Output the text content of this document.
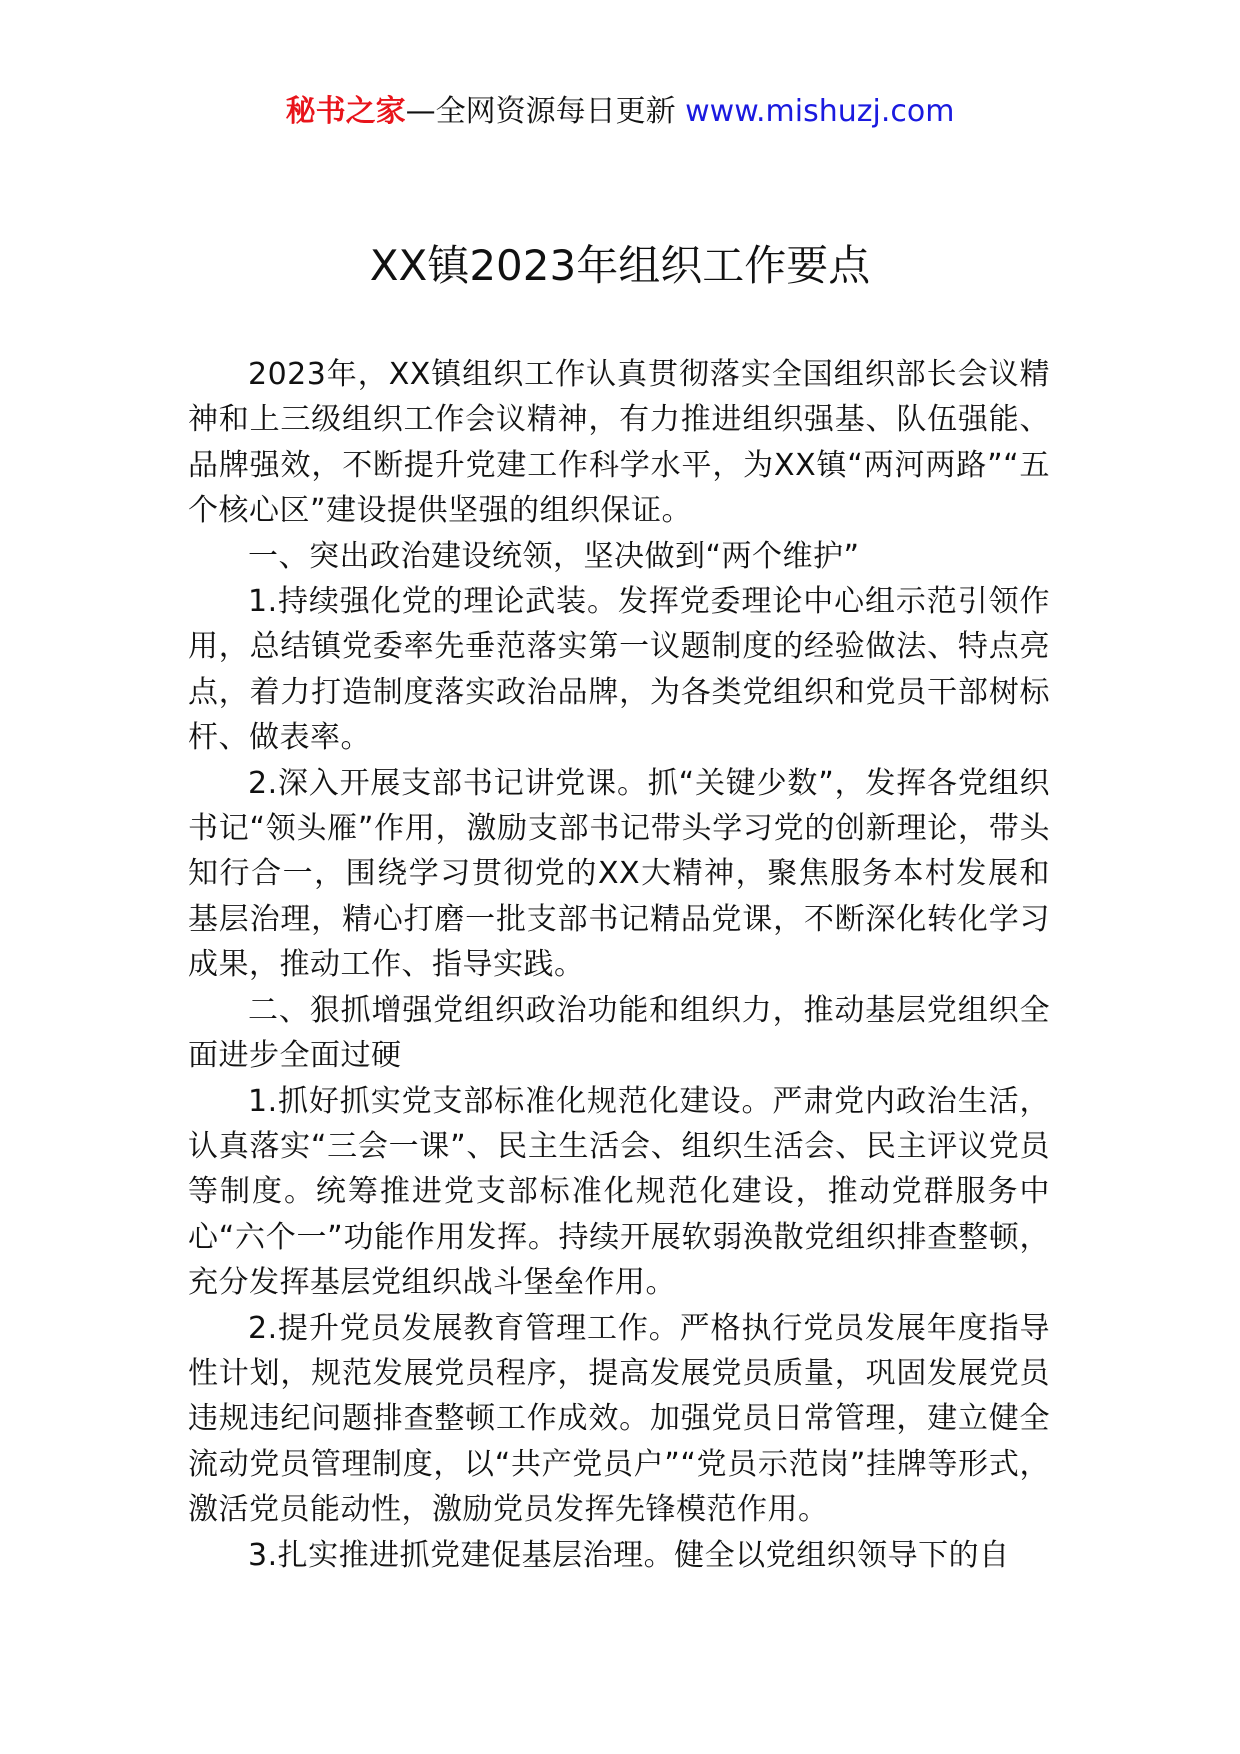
秘书之家—全网资源每日更新 www.mishuzj.com
XX镇2023年组织工作要点

2023年，XX镇组织工作认真贯彻落实全国组织部长会议精神和上三级组织工作会议精神，有力推进组织强基、队伍强能、品牌强效，不断提升党建工作科学水平，为XX镇“两河两路”“五个核心区”建设提供坚强的组织保证。

一、突出政治建设统领，坚决做到“两个维护”

1.持续强化党的理论武装。发挥党委理论中心组示范引领作用，总结镇党委率先垂范落实第一议题制度的经验做法、特点亮点，着力打造制度落实政治品牌，为各类党组织和党员干部树标杆、做表率。

2.深入开展支部书记讲党课。抓“关键少数”，发挥各党组织书记“领头雁”作用，激励支部书记带头学习党的创新理论，带头知行合一，围绕学习贯彻党的XX大精神，聚焦服务本村发展和基层治理，精心打磨一批支部书记精品党课，不断深化转化学习成果，推动工作、指导实践。

二、狠抓增强党组织政治功能和组织力，推动基层党组织全面进步全面过硬

1.抓好抓实党支部标准化规范化建设。严肃党内政治生活，认真落实“三会一课”、民主生活会、组织生活会、民主评议党员等制度。统筹推进党支部标准化规范化建设，推动党群服务中心“六个一”功能作用发挥。持续开展软弱涣散党组织排查整顿，充分发挥基层党组织战斗堡垒作用。

2.提升党员发展教育管理工作。严格执行党员发展年度指导性计划，规范发展党员程序，提高发展党员质量，巩固发展党员违规违纪问题排查整顿工作成效。加强党员日常管理，建立健全流动党员管理制度，以“共产党员户”“党员示范岗”挂牌等形式，激活党员能动性，激励党员发挥先锋模范作用。

3.扎实推进抓党建促基层治理。健全以党组织领导下的自
